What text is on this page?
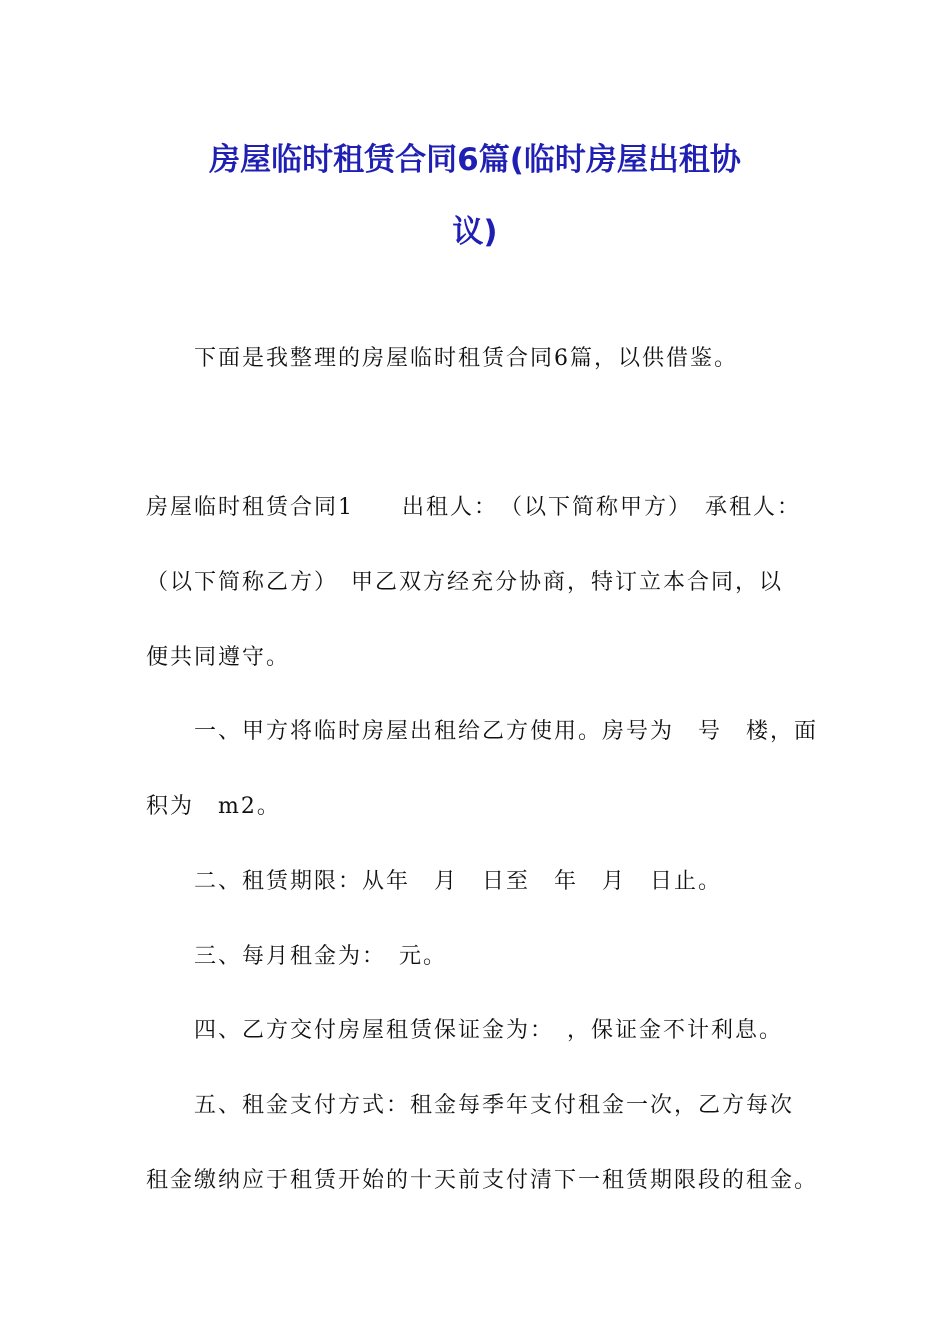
房屋临时租赁合同6篇(临时房屋出租协
议)

下面是我整理的房屋临时租赁合同6篇，以供借鉴。

房屋临时租赁合同1　　出租人：　（以下简称甲方）　承租人：

（以下简称乙方）　甲乙双方经充分协商，特订立本合同，以

便共同遵守。

一、甲方将临时房屋出租给乙方使用。房号为　号　楼，面

积为　m2。

二、租赁期限：从年　月　日至　年　月　日止。

三、每月租金为：　元。

四、乙方交付房屋租赁保证金为：　，保证金不计利息。

五、租金支付方式：租金每季年支付租金一次，乙方每次

租金缴纳应于租赁开始的十天前支付清下一租赁期限段的租金。
